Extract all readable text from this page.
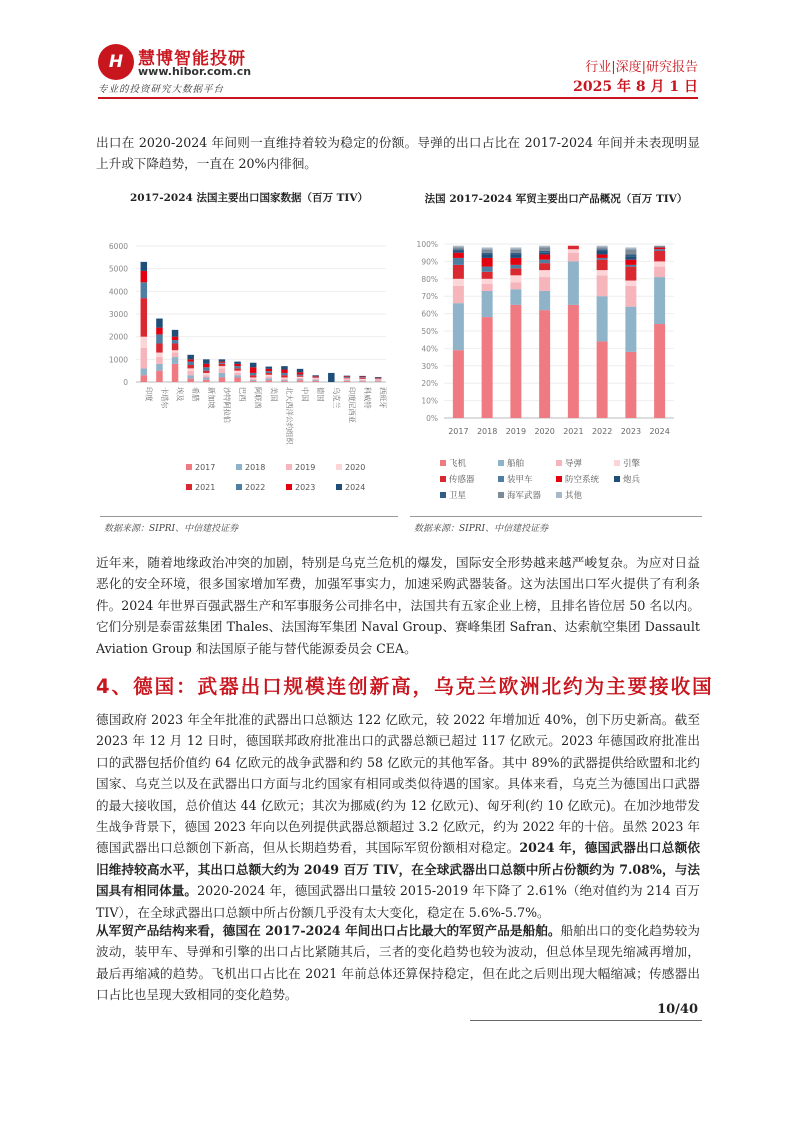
H 慧博智能投研
www.hibor.com.cn
专业的投资研究大数据平台
行业|深度|研究报告
2025 年 8 月 1 日
出口在 2020-2024 年间则一直维持着较为稳定的份额。导弹的出口占比在 2017-2024 年间并未表现明显上升或下降趋势，一直在 20%内徘徊。
2017-2024 法国主要出口国家数据（百万 TIV）	法国 2017-2024 军贸主要出口产品概况（百万 TIV）
0
1000
2000
3000
4000
5000
6000
印度 卡塔尔 埃及 希腊 新加坡 沙特阿拉伯 巴西 阿联酋 美国 北大西洋公约组织 中国 德国 乌克兰 印度尼西亚 科威特 西班牙
2017	2018	2019	2020
2021	2022	2023	2024
0%
10%
20%
30%
40%
50%
60%
70%
80%
90%
100%
2017 2018 2019 2020 2021 2022 2023 2024
飞机	船舶	导弹	引擎
传感器	装甲车	防空系统	炮兵
卫星	海军武器	其他
数据来源：SIPRI、中信建投证券	数据来源：SIPRI、中信建投证券
近年来，随着地缘政治冲突的加剧，特别是乌克兰危机的爆发，国际安全形势越来越严峻复杂。为应对日益恶化的安全环境，很多国家增加军费，加强军事实力，加速采购武器装备。这为法国出口军火提供了有利条件。2024 年世界百强武器生产和军事服务公司排名中，法国共有五家企业上榜，且排名皆位居 50 名以内。它们分别是泰雷兹集团 Thales、法国海军集团 Naval Group、赛峰集团 Safran、达索航空集团 Dassault Aviation Group 和法国原子能与替代能源委员会 CEA。
4、德国：武器出口规模连创新高，乌克兰欧洲北约为主要接收国
德国政府 2023 年全年批准的武器出口总额达 122 亿欧元，较 2022 年增加近 40%，创下历史新高。截至 2023 年 12 月 12 日时，德国联邦政府批准出口的武器总额已超过 117 亿欧元。2023 年德国政府批准出口的武器包括价值约 64 亿欧元的战争武器和约 58 亿欧元的其他军备。其中 89%的武器提供给欧盟和北约国家、乌克兰以及在武器出口方面与北约国家有相同或类似待遇的国家。具体来看，乌克兰为德国出口武器的最大接收国，总价值达 44 亿欧元；其次为挪威(约为 12 亿欧元)、匈牙利(约 10 亿欧元)。在加沙地带发生战争背景下，德国 2023 年向以色列提供武器总额超过 3.2 亿欧元，约为 2022 年的十倍。虽然 2023 年德国武器出口总额创下新高，但从长期趋势看，其国际军贸份额相对稳定。2024 年，德国武器出口总额依旧维持较高水平，其出口总额大约为 2049 百万 TIV，在全球武器出口总额中所占份额约为 7.08%，与法国具有相同体量。2020-2024 年，德国武器出口量较 2015-2019 年下降了 2.61%（绝对值约为 214 百万 TIV），在全球武器出口总额中所占份额几乎没有太大变化，稳定在 5.6%-5.7%。
从军贸产品结构来看，德国在 2017-2024 年间出口占比最大的军贸产品是船舶。船舶出口的变化趋势较为波动，装甲车、导弹和引擎的出口占比紧随其后，三者的变化趋势也较为波动，但总体呈现先缩减再增加，最后再缩减的趋势。飞机出口占比在 2021 年前总体还算保持稳定，但在此之后则出现大幅缩减；传感器出口占比也呈现大致相同的变化趋势。
10/40
